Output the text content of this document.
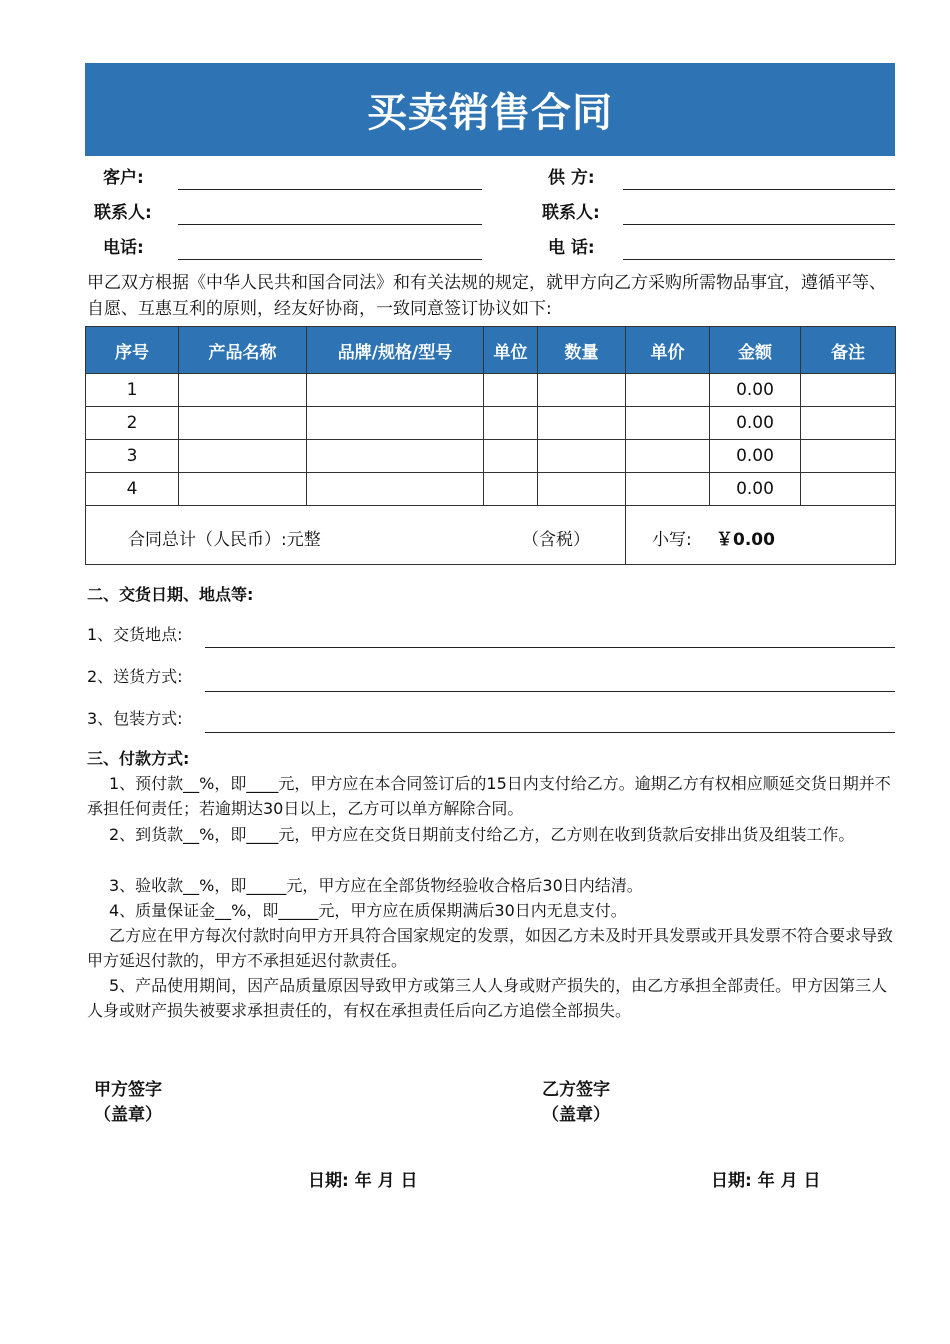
买卖销售合同
客户:
联系人:
电话:
供 方:
联系人:
电 话:
甲乙双方根据《中华人民共和国合同法》和有关法规的规定，就甲方向乙方采购所需物品事宜，遵循平等、自愿、互惠互利的原则，经友好协商，一致同意签订协议如下:
序号	产品名称	品牌/规格/型号	单位	数量	单价	金额	备注
1						0.00	
2						0.00	
3						0.00	
4						0.00	

合同总计（人民币）:元整 （含税）					小写: ￥0.00		
二、交货日期、地点等:
1、交货地点:
2、送货方式:
3、包装方式:
三、付款方式:
1、预付款__%，即____元，甲方应在本合同签订后的15日内支付给乙方。逾期乙方有权相应顺延交货日期并不承担任何责任；若逾期达30日以上，乙方可以单方解除合同。
2、到货款__%，即____元，甲方应在交货日期前支付给乙方，乙方则在收到货款后安排出货及组装工作。
3、验收款__%，即_____元，甲方应在全部货物经验收合格后30日内结清。
4、质量保证金__%，即_____元，甲方应在质保期满后30日内无息支付。
乙方应在甲方每次付款时向甲方开具符合国家规定的发票，如因乙方未及时开具发票或开具发票不符合要求导致甲方延迟付款的，甲方不承担延迟付款责任。
5、产品使用期间，因产品质量原因导致甲方或第三人人身或财产损失的，由乙方承担全部责任。甲方因第三人人身或财产损失被要求承担责任的，有权在承担责任后向乙方追偿全部损失。
甲方签字
（盖章）
乙方签字
（盖章）
日期: 年 月 日	日期: 年 月 日
